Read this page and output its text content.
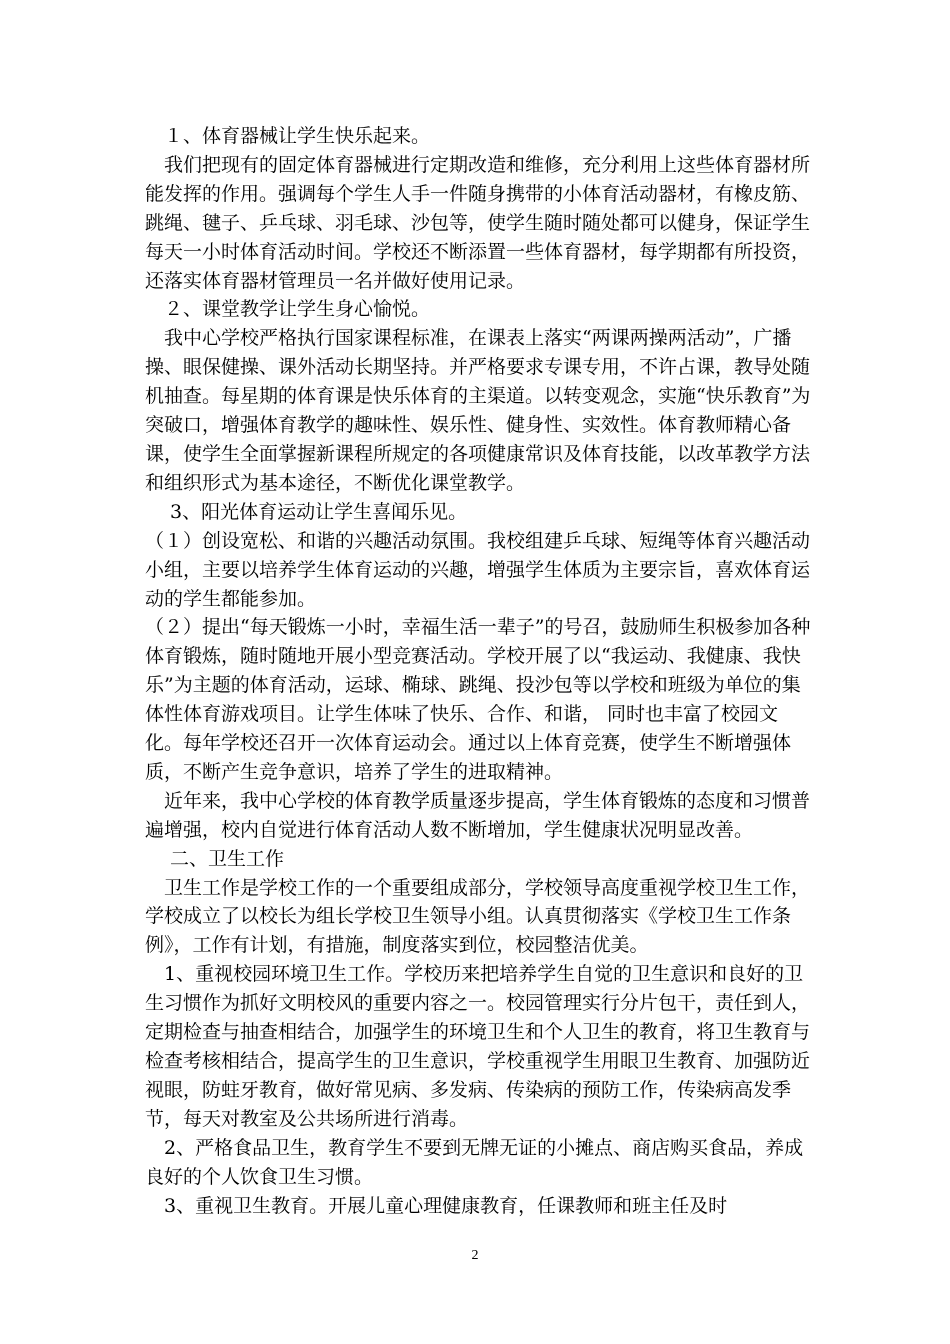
　１、体育器械让学生快乐起来。

　我们把现有的固定体育器械进行定期改造和维修，充分利用上这些体育器材所能发挥的作用。强调每个学生人手一件随身携带的小体育活动器材，有橡皮筋、跳绳、毽子、乒乓球、羽毛球、沙包等，使学生随时随处都可以健身，保证学生每天一小时体育活动时间。学校还不断添置一些体育器材，每学期都有所投资，还落实体育器材管理员一名并做好使用记录。

　２、课堂教学让学生身心愉悦。

　我中心学校严格执行国家课程标准，在课表上落实“两课两操两活动”，广播操、眼保健操、课外活动长期坚持。并严格要求专课专用，不许占课，教导处随机抽查。每星期的体育课是快乐体育的主渠道。以转变观念，实施“快乐教育”为突破口，增强体育教学的趣味性、娱乐性、健身性、实效性。体育教师精心备课，使学生全面掌握新课程所规定的各项健康常识及体育技能，以改革教学方法和组织形式为基本途径，不断优化课堂教学。

　 3、阳光体育运动让学生喜闻乐见。

（１）创设宽松、和谐的兴趣活动氛围。我校组建乒乓球、短绳等体育兴趣活动小组，主要以培养学生体育运动的兴趣，增强学生体质为主要宗旨，喜欢体育运动的学生都能参加。

（２）提出“每天锻炼一小时，幸福生活一辈子”的号召，鼓励师生积极参加各种体育锻炼，随时随地开展小型竞赛活动。学校开展了以“我运动、我健康、我快乐”为主题的体育活动，运球、椭球、跳绳、投沙包等以学校和班级为单位的集体性体育游戏项目。让学生体味了快乐、合作、和谐， 同时也丰富了校园文化。每年学校还召开一次体育运动会。通过以上体育竞赛，使学生不断增强体质，不断产生竞争意识，培养了学生的进取精神。

　近年来，我中心学校的体育教学质量逐步提高，学生体育锻炼的态度和习惯普遍增强，校内自觉进行体育活动人数不断增加，学生健康状况明显改善。

　 二、卫生工作

　卫生工作是学校工作的一个重要组成部分，学校领导高度重视学校卫生工作，学校成立了以校长为组长学校卫生领导小组。认真贯彻落实《学校卫生工作条例》，工作有计划，有措施，制度落实到位，校园整洁优美。

　1、重视校园环境卫生工作。学校历来把培养学生自觉的卫生意识和良好的卫生习惯作为抓好文明校风的重要内容之一。校园管理实行分片包干，责任到人，定期检查与抽查相结合，加强学生的环境卫生和个人卫生的教育，将卫生教育与检查考核相结合，提高学生的卫生意识，学校重视学生用眼卫生教育、加强防近视眼，防蛀牙教育，做好常见病、多发病、传染病的预防工作，传染病高发季节，每天对教室及公共场所进行消毒。

　2、严格食品卫生，教育学生不要到无牌无证的小摊点、商店购买食品，养成良好的个人饮食卫生习惯。

　3、重视卫生教育。开展儿童心理健康教育，任课教师和班主任及时

2
